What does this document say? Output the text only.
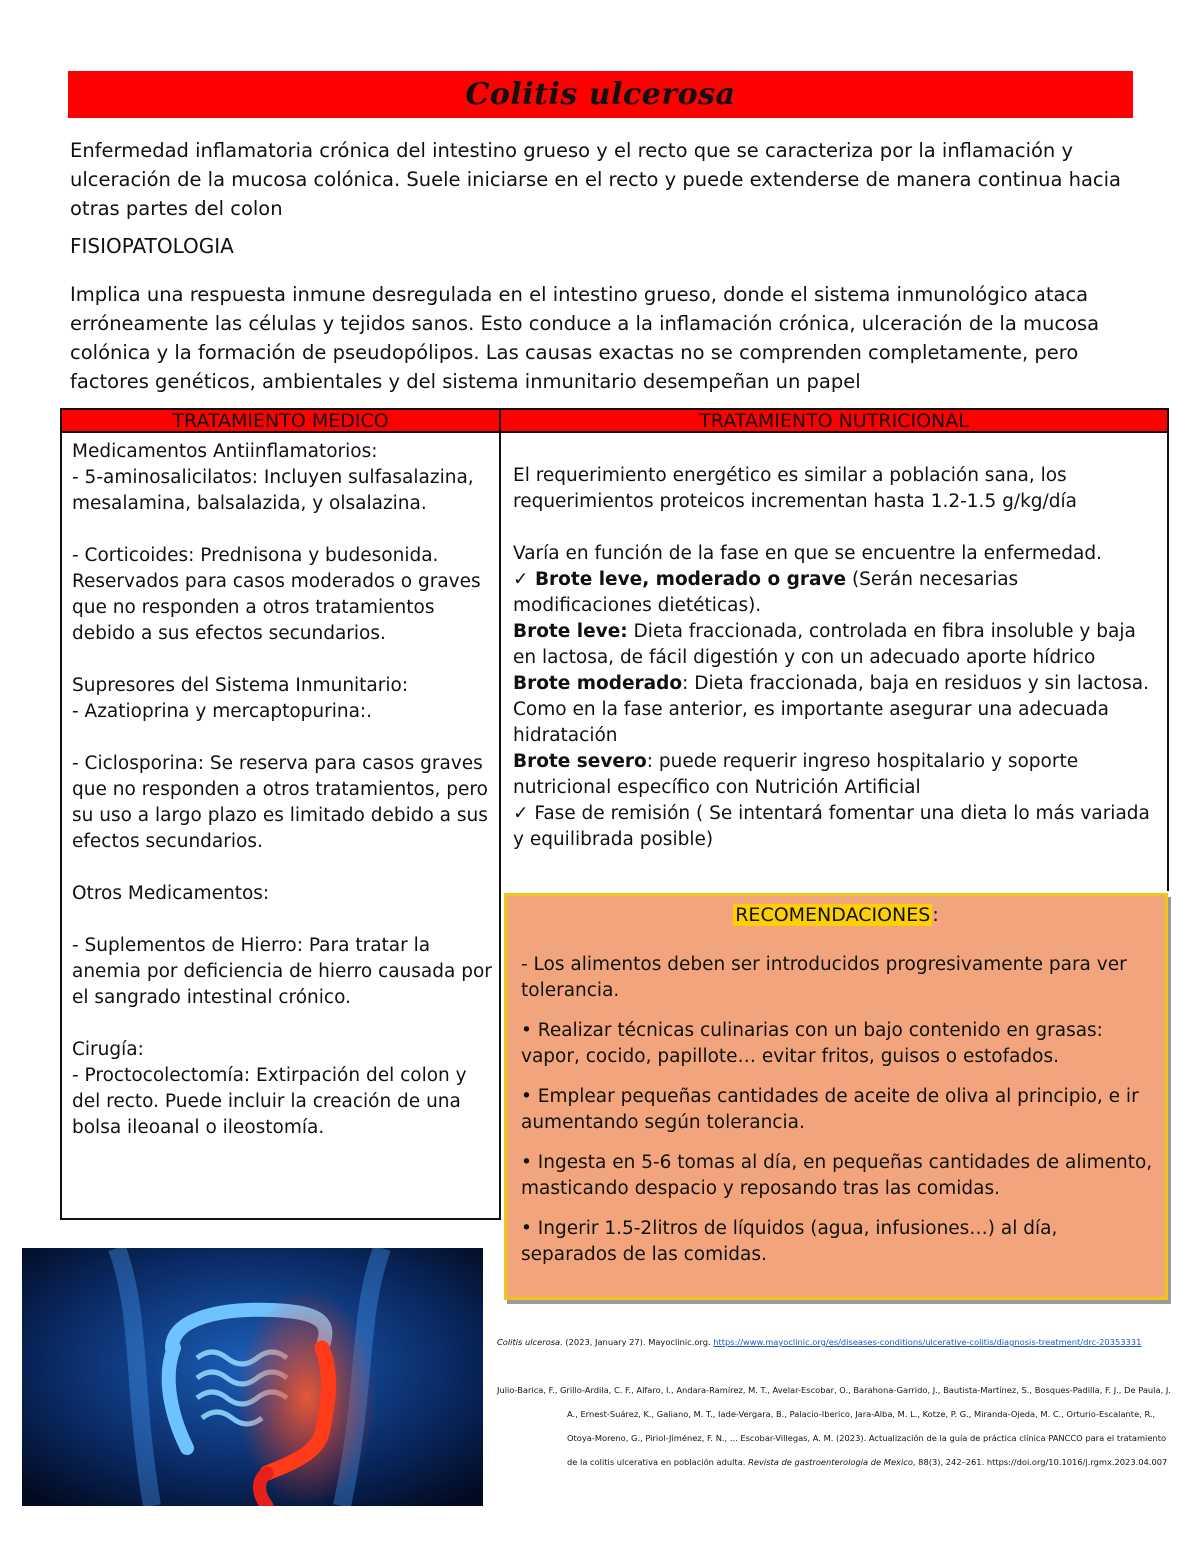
Colitis ulcerosa

Enfermedad inflamatoria crónica del intestino grueso y el recto que se caracteriza por la inflamación y ulceración de la mucosa colónica. Suele iniciarse en el recto y puede extenderse de manera continua hacia otras partes del colon

FISIOPATOLOGIA

Implica una respuesta inmune desregulada en el intestino grueso, donde el sistema inmunológico ataca erróneamente las células y tejidos sanos. Esto conduce a la inflamación crónica, ulceración de la mucosa colónica y la formación de pseudopólipos. Las causas exactas no se comprenden completamente, pero factores genéticos, ambientales y del sistema inmunitario desempeñan un papel

TRATAMIENTO MEDICO	TRATAMIENTO NUTRICIONAL
Medicamentos Antiinflamatorios:
- 5-aminosalicilatos: Incluyen sulfasalazina, mesalamina, balsalazida, y olsalazina.
- Corticoides: Prednisona y budesonida. Reservados para casos moderados o graves que no responden a otros tratamientos debido a sus efectos secundarios.
Supresores del Sistema Inmunitario:
- Azatioprina y mercaptopurina:.
- Ciclosporina: Se reserva para casos graves que no responden a otros tratamientos, pero su uso a largo plazo es limitado debido a sus efectos secundarios.
Otros Medicamentos:
- Suplementos de Hierro: Para tratar la anemia por deficiencia de hierro causada por el sangrado intestinal crónico.
Cirugía:
- Proctocolectomía: Extirpación del colon y del recto. Puede incluir la creación de una bolsa ileoanal o ileostomía.
El requerimiento energético es similar a población sana, los requerimientos proteicos incrementan hasta 1.2-1.5 g/kg/día
Varía en función de la fase en que se encuentre la enfermedad.
✓ Brote leve, moderado o grave (Serán necesarias modificaciones dietéticas).
Brote leve: Dieta fraccionada, controlada en fibra insoluble y baja en lactosa, de fácil digestión y con un adecuado aporte hídrico
Brote moderado: Dieta fraccionada, baja en residuos y sin lactosa. Como en la fase anterior, es importante asegurar una adecuada hidratación
Brote severo: puede requerir ingreso hospitalario y soporte nutricional específico con Nutrición Artificial
✓ Fase de remisión ( Se intentará fomentar una dieta lo más variada y equilibrada posible)
RECOMENDACIONES :

- Los alimentos deben ser introducidos progresivamente para ver tolerancia.

• Realizar técnicas culinarias con un bajo contenido en grasas: vapor, cocido, papillote… evitar fritos, guisos o estofados.

• Emplear pequeñas cantidades de aceite de oliva al principio, e ir aumentando según tolerancia.

• Ingesta en 5-6 tomas al día, en pequeñas cantidades de alimento, masticando despacio y reposando tras las comidas.

• Ingerir 1.5-2litros de líquidos (agua, infusiones…) al día, separados de las comidas.

Colitis ulcerosa. (2023, January 27). Mayoclinic.org. https://www.mayoclinic.org/es/diseases-conditions/ulcerative-colitis/diagnosis-treatment/drc-20353331

Julio-Barica, F., Grillo-Ardila, C. F., Alfaro, I., Andara-Ramírez, M. T., Avelar-Escobar, O., Barahona-Garrido, J., Bautista-Martínez, S., Bosques-Padilla, F. J., De Paula, J. A., Ernest-Suárez, K., Galiano, M. T., Iade-Vergara, B., Palacio-Iberico, Jara-Alba, M. L., Kotze, P. G., Miranda-Ojeda, M. C., Orturio-Escalante, R., Otoya-Moreno, G., Piriol-Jiménez, F. N., ... Escobar-Villegas, A. M. (2023). Actualización de la guía de práctica clínica PANCCO para el tratamiento de la colitis ulcerativa en población adulta. Revista de gastroenterologia de Mexico, 88(3), 242–261. https://doi.org/10.1016/j.rgmx.2023.04.007
